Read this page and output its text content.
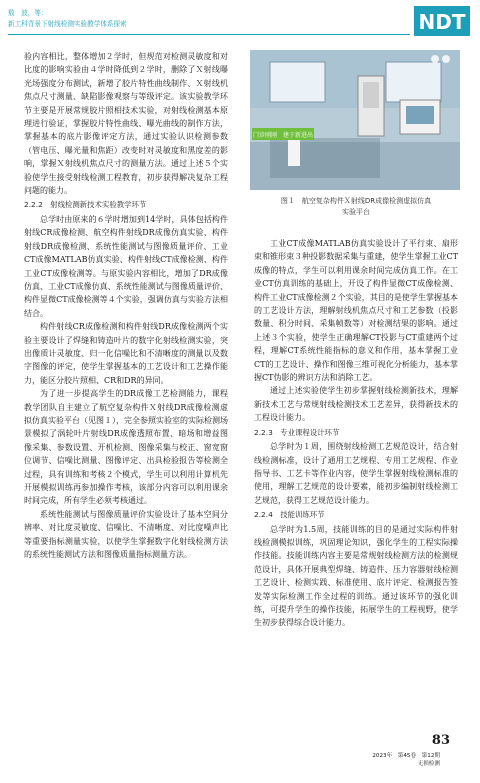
敖　波，等：
新工科背景下射线检测实验教学体系探索	NDT

验内容相比，整体增加２学时，但规范对检测灵敏度和对比度的影响实验由４学时降低到２学时，删除了Ｘ射线曝光场强度分布测试，新增了胶片特性曲线制作、Ｘ射线机焦点尺寸测量、缺陷影像观察与等级评定。该实验教学环节主要是开展常规胶片照相技术实验，对射线检测基本原理进行验证，掌握胶片特性曲线、曝光曲线的制作方法，掌握基本的底片影像评定方法，通过实验认识检测参数（管电压、曝光量和焦距）改变时对灵敏度和黑度差的影响，掌握Ｘ射线机焦点尺寸的测量方法。通过上述５个实验使学生接受射线检测工程教育，初步获得解决复杂工程问题的能力。

2.2.2　射线检测新技术实验教学环节

总学时由原来的６学时增加到14学时，具体包括构件射线CR成像检测、航空构件射线DR成像仿真实验、构件射线DR成像检测、系统性能测试与图像质量评价、工业CT成像MATLAB仿真实验、构件射线CT成像检测、构件工业CT成像检测等。与原实验内容相比，增加了DR成像仿真、工业CT成像仿真、系统性能测试与图像质量评价、构件显微CT成像检测等４个实验，强调仿真与实验方法相结合。

构件射线CR成像检测和构件射线DR成像检测两个实验主要设计了焊缝和铸造叶片的数字化射线检测实验，突出像质计灵敏度、归一化信噪比和不清晰度的测量以及数字图像的评定，使学生掌握基本的工艺设计和工艺操作能力，能区分胶片照相、CR和DR的异同。

为了进一步提高学生的DR成像工艺检测能力，课程教学团队自主建立了航空复杂构件Ｘ射线DR成像检测虚拟仿真实验平台（见图１），完全参照实验室的实际检测场景模拟了涡轮叶片射线DR成像透照布置、暗场和增益图像采集、参数设置、开机检测、图像采集与校正、窗宽窗位调节、信噪比测量、图像评定、出具检验报告等检测全过程，具有训练和考核２个模式，学生可以利用计算机先开展模拟训练再参加操作考核，该部分内容可以利用课余时间完成，所有学生必须考核通过。

系统性能测试与图像质量评价实验设计了基本空间分辨率、对比度灵敏度、信噪比、不清晰度、对比度噪声比等重要指标测量实验，以使学生掌握数字化射线检测方法的系统性能测试方法和图像质量指标测量方法。

门诊刚刚　建于新进出
图１　航空复杂构件Ｘ射线DR成像检测虚拟仿真
实验平台

工业CT成像MATLAB仿真实验设计了平行束、扇形束和锥形束３种投影数据采集与重建，使学生掌握工业CT成像的特点，学生可以利用课余时间完成仿真工作。在工业CT仿真训练的基础上，开设了构件显微CT成像检测、构件工业CT成像检测２个实验，其目的是使学生掌握基本的工艺设计方法，理解射线机焦点尺寸和工艺参数（投影数量、积分时间、采集帧数等）对检测结果的影响。通过上述３个实验，使学生正确理解CT投影与CT重建两个过程，理解CT系统性能指标的意义和作用，基本掌握工业CT的工艺设计、操作和图像三维可视化分析能力，基本掌握CT伪影的辨识方法和消除工艺。

通过上述实验使学生初步掌握射线检测新技术，理解新技术工艺与常规射线检测技术工艺差异，获得新技术的工程设计能力。

2.2.3　专业课程设计环节

总学时为１周，围绕射线检测工艺规范设计，结合射线检测标准，设计了通用工艺规程、专用工艺规程、作业指导书、工艺卡等作业内容，使学生掌握射线检测标准的使用，理解工艺规范的设计要素，能初步编制射线检测工艺规范，获得工艺规范设计能力。

2.2.4　技能训练环节

总学时为1.5周，技能训练的目的是通过实际构件射线检测模拟训练，巩固理论知识，强化学生的工程实际操作技能。技能训练内容主要是常规射线检测方法的检测规范设计，具体开展典型焊缝、铸造件、压力容器射线检测工艺设计、检测实践、标准使用、底片评定、检测报告签发等实际检测工作全过程的训练。通过该环节的强化训练，可提升学生的操作技能，拓展学生的工程视野，使学生初步获得综合设计能力。

83
2023年　第45卷　第12期
无损检测
